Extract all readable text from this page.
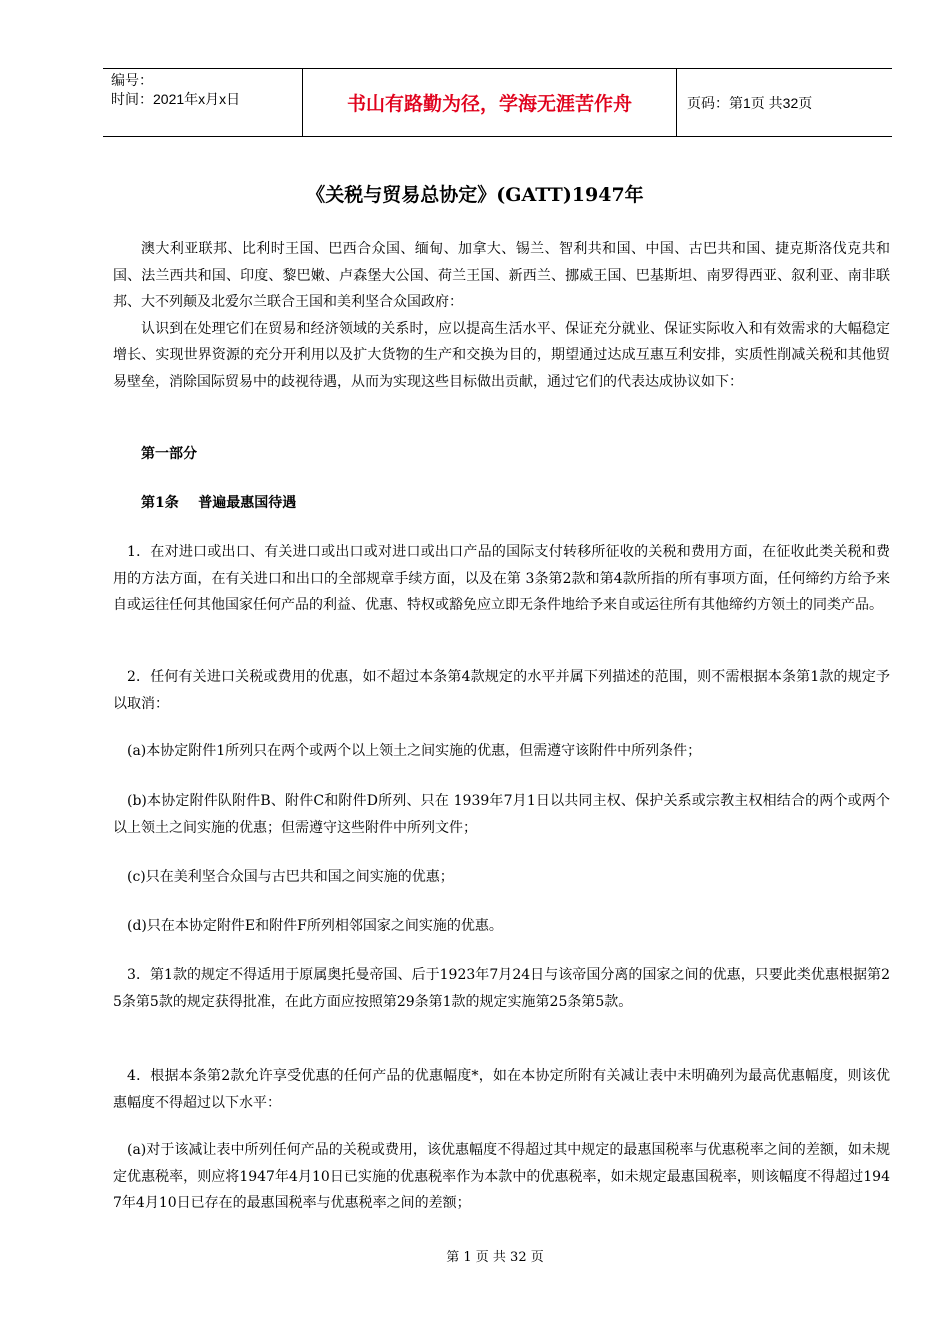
编号：
时间：2021年x月x日	书山有路勤为径，学海无涯苦作舟	页码：第1页 共32页
《关税与贸易总协定》(GATT)1947年

澳大利亚联邦、比利时王国、巴西合众国、缅甸、加拿大、锡兰、智利共和国、中国、古巴共和国、捷克斯洛伐克共和国、法兰西共和国、印度、黎巴嫩、卢森堡大公国、荷兰王国、新西兰、挪威王国、巴基斯坦、南罗得西亚、叙利亚、南非联邦、大不列颠及北爱尔兰联合王国和美利坚合众国政府：

认识到在处理它们在贸易和经济领域的关系时，应以提高生活水平、保证充分就业、保证实际收入和有效需求的大幅稳定增长、实现世界资源的充分开利用以及扩大货物的生产和交换为目的，期望通过达成互惠互利安排，实质性削减关税和其他贸易壁垒，消除国际贸易中的歧视待遇，从而为实现这些目标做出贡献，通过它们的代表达成协议如下：

第一部分

第1条    普遍最惠国待遇

1．在对进口或出口、有关进口或出口或对进口或出口产品的国际支付转移所征收的关税和费用方面，在征收此类关税和费用的方法方面，在有关进口和出口的全部规章手续方面，以及在第 3条第2款和第4款所指的所有事项方面，任何缔约方给予来自或运往任何其他国家任何产品的利益、优惠、特权或豁免应立即无条件地给予来自或运往所有其他缔约方领土的同类产品。

2．任何有关进口关税或费用的优惠，如不超过本条第4款规定的水平并属下列描述的范围，则不需根据本条第1款的规定予以取消：

(a)本协定附件1所列只在两个或两个以上领土之间实施的优惠，但需遵守该附件中所列条件；

(b)本协定附件队附件B、附件C和附件D所列、只在 1939年7月1日以共同主权、保护关系或宗教主权相结合的两个或两个以上领土之间实施的优惠；但需遵守这些附件中所列文件；

(c)只在美利坚合众国与古巴共和国之间实施的优惠；

(d)只在本协定附件E和附件F所列相邻国家之间实施的优惠。

3．第1款的规定不得适用于原属奥托曼帝国、后于1923年7月24日与该帝国分离的国家之间的优惠，只要此类优惠根据第25条第5款的规定获得批准，在此方面应按照第29条第1款的规定实施第25条第5款。

4．根据本条第2款允许享受优惠的任何产品的优惠幅度*，如在本协定所附有关减让表中未明确列为最高优惠幅度，则该优惠幅度不得超过以下水平：

(a)对于该减让表中所列任何产品的关税或费用，该优惠幅度不得超过其中规定的最惠国税率与优惠税率之间的差额，如未规定优惠税率，则应将1947年4月10日已实施的优惠税率作为本款中的优惠税率，如未规定最惠国税率，则该幅度不得超过1947年4月10日已存在的最惠国税率与优惠税率之间的差额；

第 1 页 共 32 页
